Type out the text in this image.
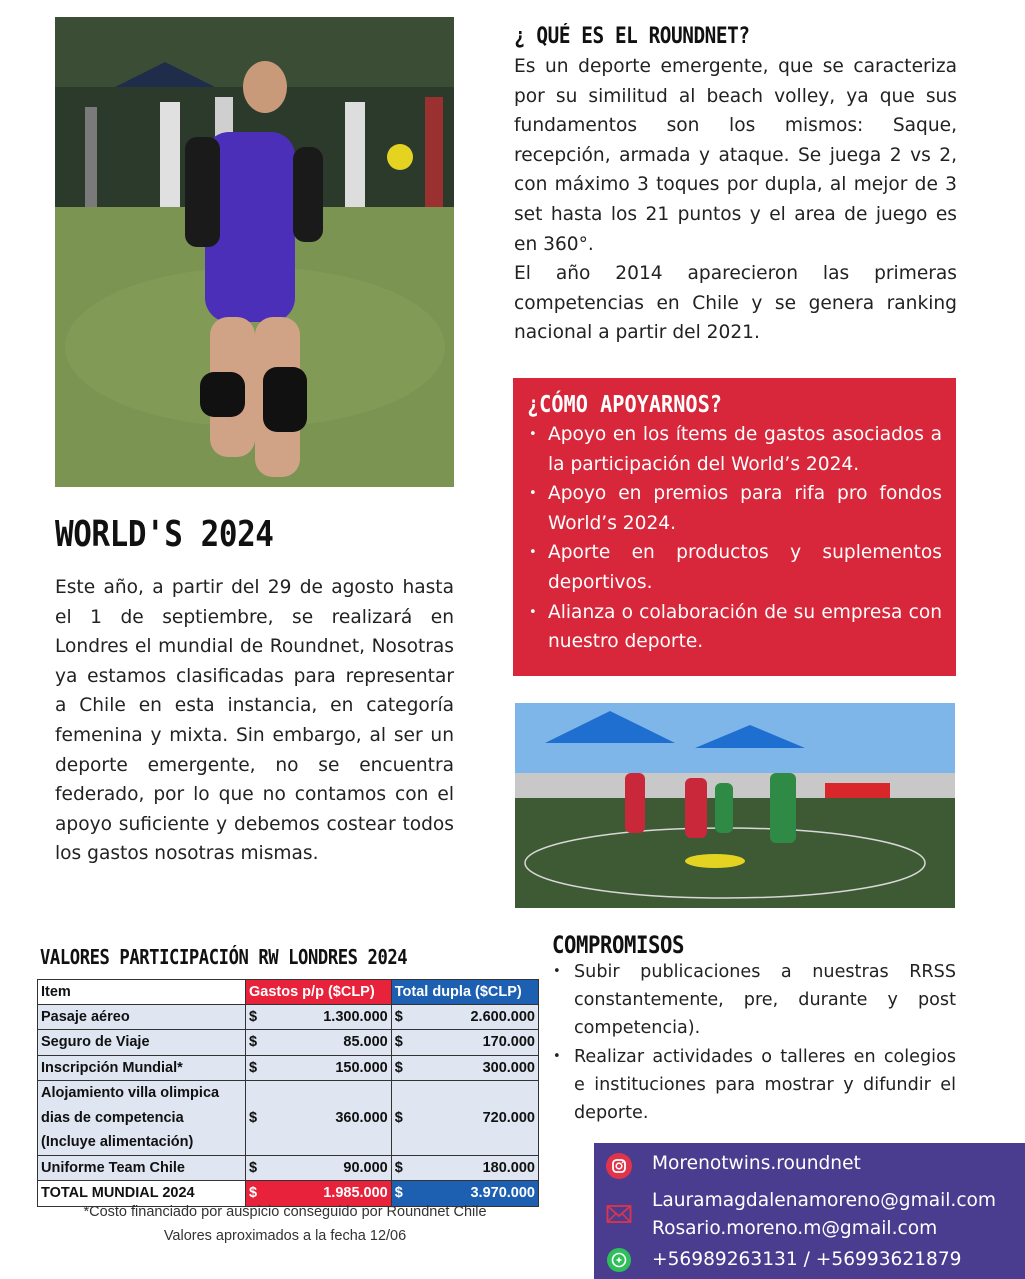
¿ QUÉ ES EL ROUNDNET?

Es un deporte emergente, que se caracteriza por su similitud al beach volley, ya que sus fundamentos son los mismos: Saque, recepción, armada y ataque. Se juega 2 vs 2, con máximo 3 toques por dupla, al mejor de 3 set hasta los 21 puntos y el area de juego es en 360°.

El año 2014 aparecieron las primeras competencias en Chile y se genera ranking nacional a partir del 2021.

¿CÓMO APOYARNOS?
• Apoyo en los ítems de gastos asociados a la participación del World’s 2024.
• Apoyo en premios para rifa pro fondos World’s 2024.
• Aporte en productos y suplementos deportivos.
• Alianza o colaboración de su empresa con nuestro deporte.
WORLD'S 2024

Este año, a partir del 29 de agosto hasta el 1 de septiembre, se realizará en Londres el mundial de Roundnet, Nosotras ya estamos clasificadas para representar a Chile en esta instancia, en categoría femenina y mixta. Sin embargo, al ser un deporte emergente, no se encuentra federado, por lo que no contamos con el apoyo suficiente y debemos costear todos los gastos nosotras mismas.

VALORES PARTICIPACIÓN RW LONDRES 2024
Item	Gastos p/p ($CLP)		Total dupla ($CLP)	
Pasaje aéreo	$	1.300.000	$	2.600.000
Seguro de Viaje	$	85.000	$	170.000
Inscripción Mundial*	$	150.000	$	300.000

Alojamiento villa olimpica
dias de competencia
(Incluye alimentación)	$	360.000	$	720.000
Uniforme Team Chile	$	90.000	$	180.000
TOTAL MUNDIAL 2024	$	1.985.000	$	3.970.000
*Costo financiado por auspicio conseguido por Roundnet Chile
Valores aproximados a la fecha 12/06
COMPROMISOS
• Subir publicaciones a nuestras RRSS constantemente, pre, durante y post competencia).
• Realizar actividades o talleres en colegios e instituciones para mostrar y difundir el deporte.
Morenotwins.roundnet
Lauramagdalenamoreno@gmail.com
Rosario.moreno.m@gmail.com
+56989263131 / +56993621879
